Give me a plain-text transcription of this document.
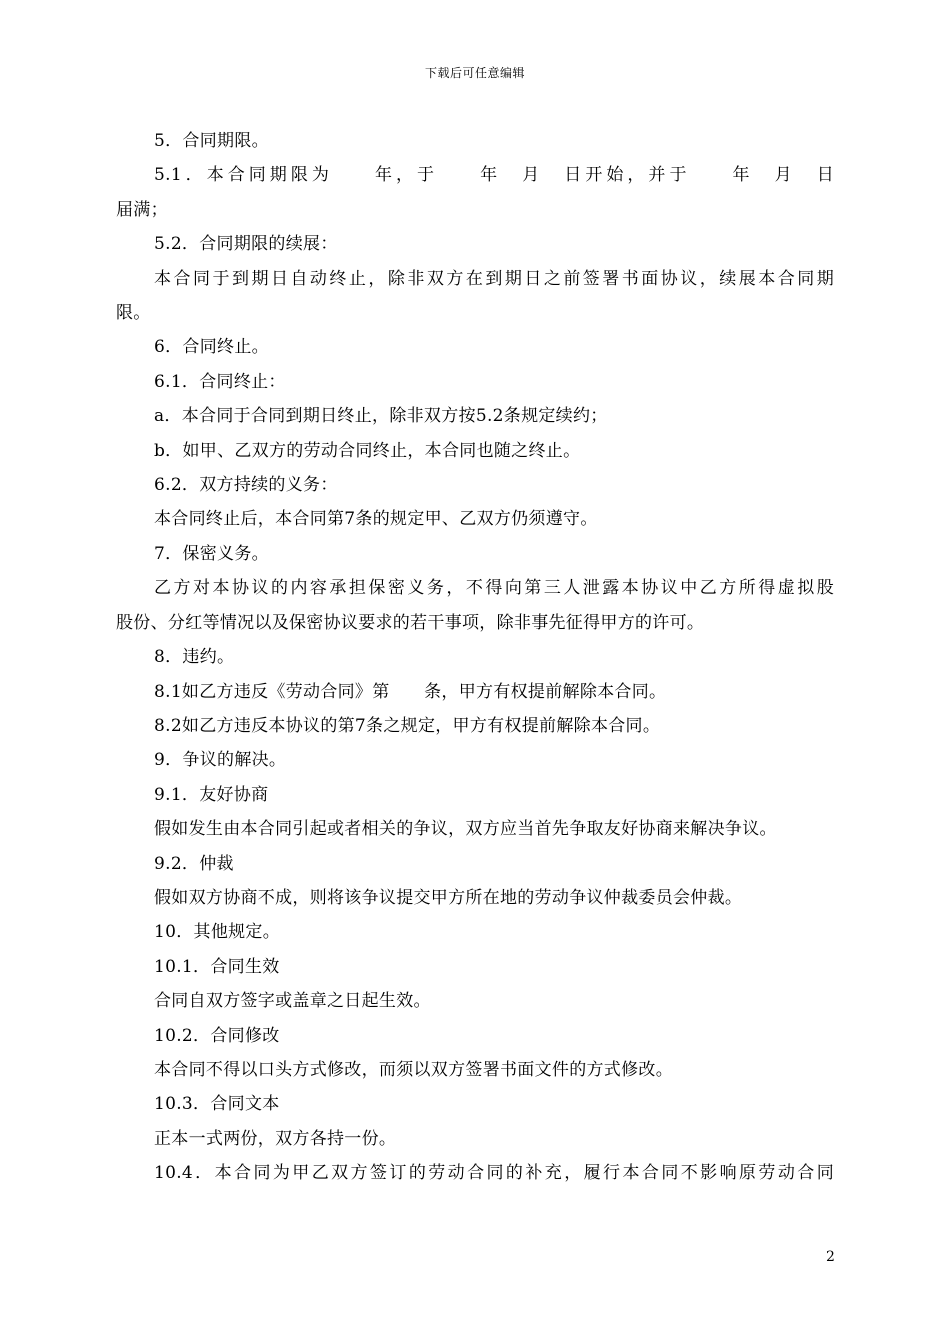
下载后可任意编辑
5．合同期限。
5.1．本合同期限为　　年，于　　年　月　日开始，并于　　年　月　日
届满；
5.2．合同期限的续展：
本合同于到期日自动终止，除非双方在到期日之前签署书面协议，续展本合同期
限。
6．合同终止。
6.1．合同终止：
a．本合同于合同到期日终止，除非双方按5.2条规定续约；
b．如甲、乙双方的劳动合同终止，本合同也随之终止。
6.2．双方持续的义务：
本合同终止后，本合同第7条的规定甲、乙双方仍须遵守。
7．保密义务。
乙方对本协议的内容承担保密义务，不得向第三人泄露本协议中乙方所得虚拟股
股份、分红等情况以及保密协议要求的若干事项，除非事先征得甲方的许可。
8．违约。
8.1如乙方违反《劳动合同》第　　条，甲方有权提前解除本合同。
8.2如乙方违反本协议的第7条之规定，甲方有权提前解除本合同。
9．争议的解决。
9.1．友好协商
假如发生由本合同引起或者相关的争议，双方应当首先争取友好协商来解决争议。
9.2．仲裁
假如双方协商不成，则将该争议提交甲方所在地的劳动争议仲裁委员会仲裁。
10．其他规定。
10.1．合同生效
合同自双方签字或盖章之日起生效。
10.2．合同修改
本合同不得以口头方式修改，而须以双方签署书面文件的方式修改。
10.3．合同文本
正本一式两份，双方各持一份。
10.4．本合同为甲乙双方签订的劳动合同的补充，履行本合同不影响原劳动合同
2
